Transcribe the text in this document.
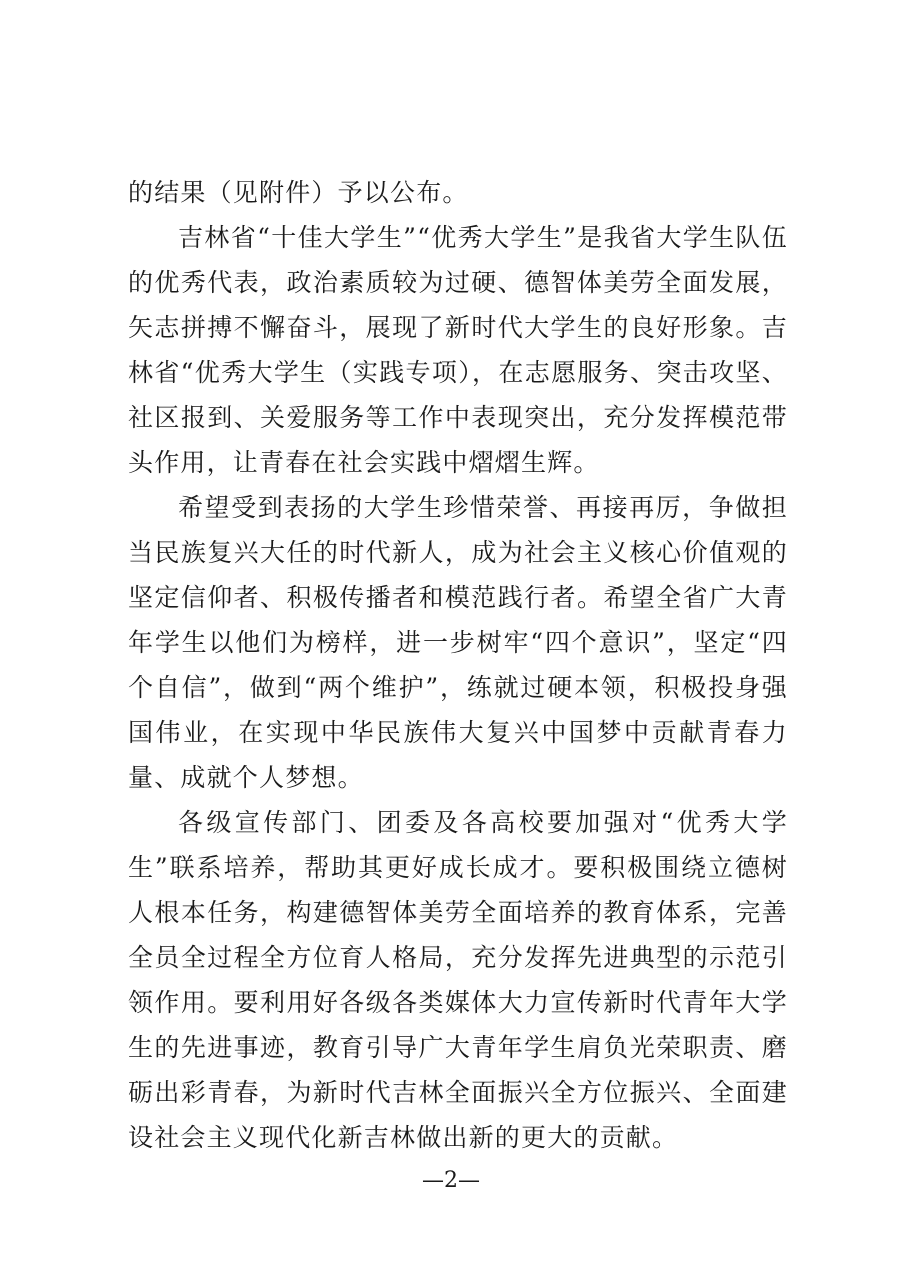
的结果（见附件）予以公布。

吉林省“十佳大学生”“优秀大学生”是我省大学生队伍的优秀代表，政治素质较为过硬、德智体美劳全面发展，矢志拼搏不懈奋斗，展现了新时代大学生的良好形象。吉林省“优秀大学生（实践专项），在志愿服务、突击攻坚、社区报到、关爱服务等工作中表现突出，充分发挥模范带头作用，让青春在社会实践中熠熠生辉。

希望受到表扬的大学生珍惜荣誉、再接再厉，争做担当民族复兴大任的时代新人，成为社会主义核心价值观的坚定信仰者、积极传播者和模范践行者。希望全省广大青年学生以他们为榜样，进一步树牢“四个意识”，坚定“四个自信”，做到“两个维护”，练就过硬本领，积极投身强国伟业，在实现中华民族伟大复兴中国梦中贡献青春力量、成就个人梦想。

各级宣传部门、团委及各高校要加强对“优秀大学生”联系培养，帮助其更好成长成才。要积极围绕立德树人根本任务，构建德智体美劳全面培养的教育体系，完善全员全过程全方位育人格局，充分发挥先进典型的示范引领作用。要利用好各级各类媒体大力宣传新时代青年大学生的先进事迹，教育引导广大青年学生肩负光荣职责、磨砺出彩青春，为新时代吉林全面振兴全方位振兴、全面建设社会主义现代化新吉林做出新的更大的贡献。

—2—
